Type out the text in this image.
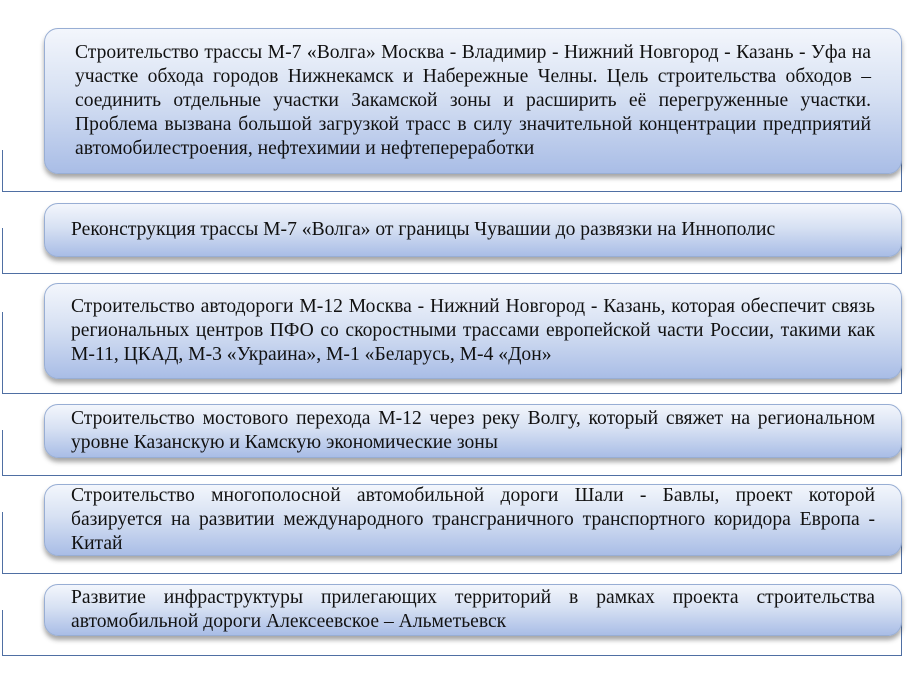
Строительство трассы М-7 «Волга» Москва - Владимир - Нижний Новгород - Казань - Уфа на участке обхода городов Нижнекамск и Набережные Челны. Цель строительства обходов – соединить отдельные участки Закамской зоны и расширить её перегруженные участки. Проблема вызвана большой загрузкой трасс в силу значительной концентрации предприятий автомобилестроения, нефтехимии и нефтепереработки
Реконструкция трассы М-7 «Волга» от границы Чувашии до развязки на Иннополис
Строительство автодороги М-12 Москва - Нижний Новгород - Казань, которая обеспечит связь региональных центров ПФО со скоростными трассами европейской части России, такими как М-11, ЦКАД, М-3 «Украина», М-1 «Беларусь, М-4 «Дон»
Строительство мостового перехода М-12 через реку Волгу, который свяжет на региональном уровне Казанскую и Камскую экономические зоны
Строительство многополосной автомобильной дороги Шали - Бавлы, проект которой базируется на развитии международного трансграничного транспортного коридора Европа - Китай
Развитие инфраструктуры прилегающих территорий в рамках проекта строительства автомобильной дороги Алексеевское – Альметьевск
